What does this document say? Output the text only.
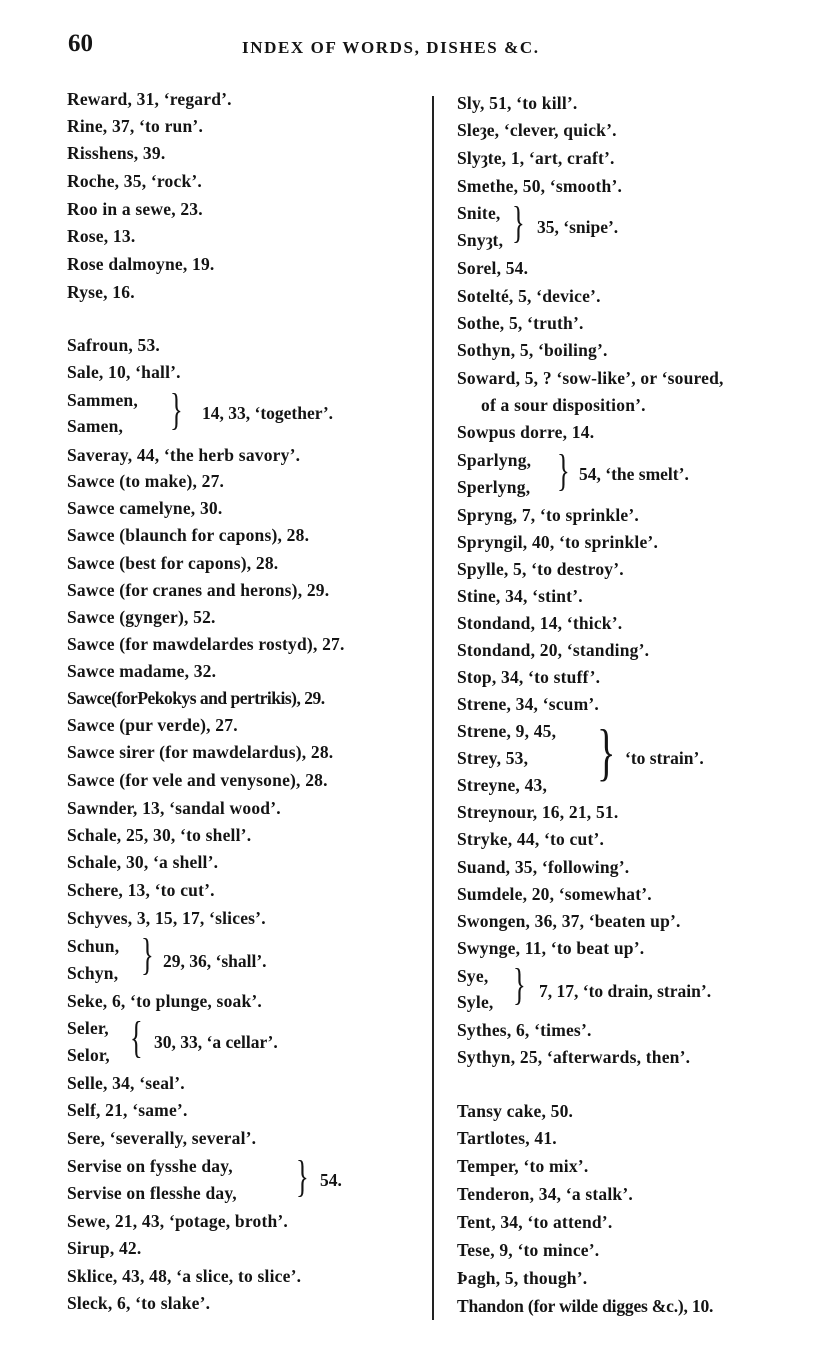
60	INDEX OF WORDS, DISHES &C.
Reward, 31, ‘regard’.
Rine, 37, ‘to run’.
Risshens, 39.
Roche, 35, ‘rock’.
Roo in a sewe, 23.
Rose, 13.
Rose dalmoyne, 19.
Ryse, 16.
Safroun, 53.
Sale, 10, ‘hall’.
Sammen,
Samen, } 14, 33, ‘together’.
Saveray, 44, ‘the herb savory’.
Sawce (to make), 27.
Sawce camelyne, 30.
Sawce (blaunch for capons), 28.
Sawce (best for capons), 28.
Sawce (for cranes and herons), 29.
Sawce (gynger), 52.
Sawce (for mawdelardes rostyd), 27.
Sawce madame, 32.
Sawce(forPekokys and pertrikis), 29.
Sawce (pur verde), 27.
Sawce sirer (for mawdelardus), 28.
Sawce (for vele and venysone), 28.
Sawnder, 13, ‘sandal wood’.
Schale, 25, 30, ‘to shell’.
Schale, 30, ‘a shell’.
Schere, 13, ‘to cut’.
Schyves, 3, 15, 17, ‘slices’.
Schun,
Schyn, } 29, 36, ‘shall’.
Seke, 6, ‘to plunge, soak’.
Seler,
Selor, { 30, 33, ‘a cellar’.
Selle, 34, ‘seal’.
Self, 21, ‘same’.
Sere, ‘severally, several’.
Servise on fysshe day,
Servise on flesshe day, } 54.
Sewe, 21, 43, ‘potage, broth’.
Sirup, 42.
Sklice, 43, 48, ‘a slice, to slice’.
Sleck, 6, ‘to slake’.
Sly, 51, ‘to kill’.
Sleȝe, ‘clever, quick’.
Slyȝte, 1, ‘art, craft’.
Smethe, 50, ‘smooth’.
Snite,
Snyȝt, } 35, ‘snipe’.
Sorel, 54.
Sotelté, 5, ‘device’.
Sothe, 5, ‘truth’.
Sothyn, 5, ‘boiling’.
Soward, 5, ? ‘sow-like’, or ‘soured,
of a sour disposition’.
Sowpus dorre, 14.
Sparlyng,
Sperlyng, } 54, ‘the smelt’.
Spryng, 7, ‘to sprinkle’.
Spryngil, 40, ‘to sprinkle’.
Spylle, 5, ‘to destroy’.
Stine, 34, ‘stint’.
Stondand, 14, ‘thick’.
Stondand, 20, ‘standing’.
Stop, 34, ‘to stuff’.
Strene, 34, ‘scum’.
Strene, 9, 45,
Strey, 53,
Streyne, 43, } ‘to strain’.
Streynour, 16, 21, 51.
Stryke, 44, ‘to cut’.
Suand, 35, ‘following’.
Sumdele, 20, ‘somewhat’.
Swongen, 36, 37, ‘beaten up’.
Swynge, 11, ‘to beat up’.
Sye,
Syle, } 7, 17, ‘to drain, strain’.
Sythes, 6, ‘times’.
Sythyn, 25, ‘afterwards, then’.
Tansy cake, 50.
Tartlotes, 41.
Temper, ‘to mix’.
Tenderon, 34, ‘a stalk’.
Tent, 34, ‘to attend’.
Tese, 9, ‘to mince’.
Þagh, 5, though’.
Thandon (for wilde digges &c.), 10.
